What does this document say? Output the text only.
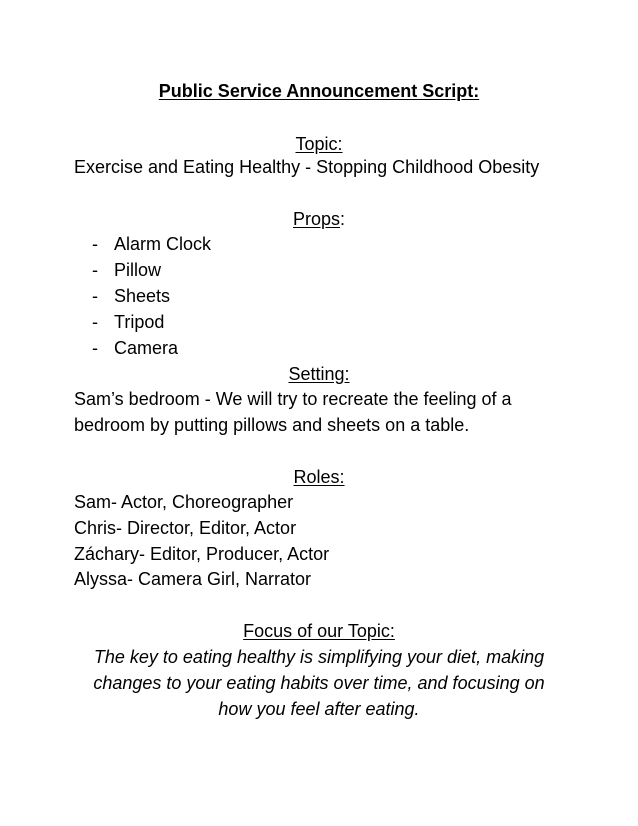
Public Service Announcement Script:
Topic:
Exercise and Eating Healthy - Stopping Childhood Obesity
Props:
- Alarm Clock
- Pillow
- Sheets
- Tripod
- Camera
Setting:
Sam’s bedroom - We will try to recreate the feeling of a
bedroom by putting pillows and sheets on a table.
Roles:
Sam- Actor, Choreographer
Chris- Director, Editor, Actor
Záchary- Editor, Producer, Actor
Alyssa- Camera Girl, Narrator
Focus of our Topic:
The key to eating healthy is simplifying your diet, making
changes to your eating habits over time, and focusing on
how you feel after eating.
